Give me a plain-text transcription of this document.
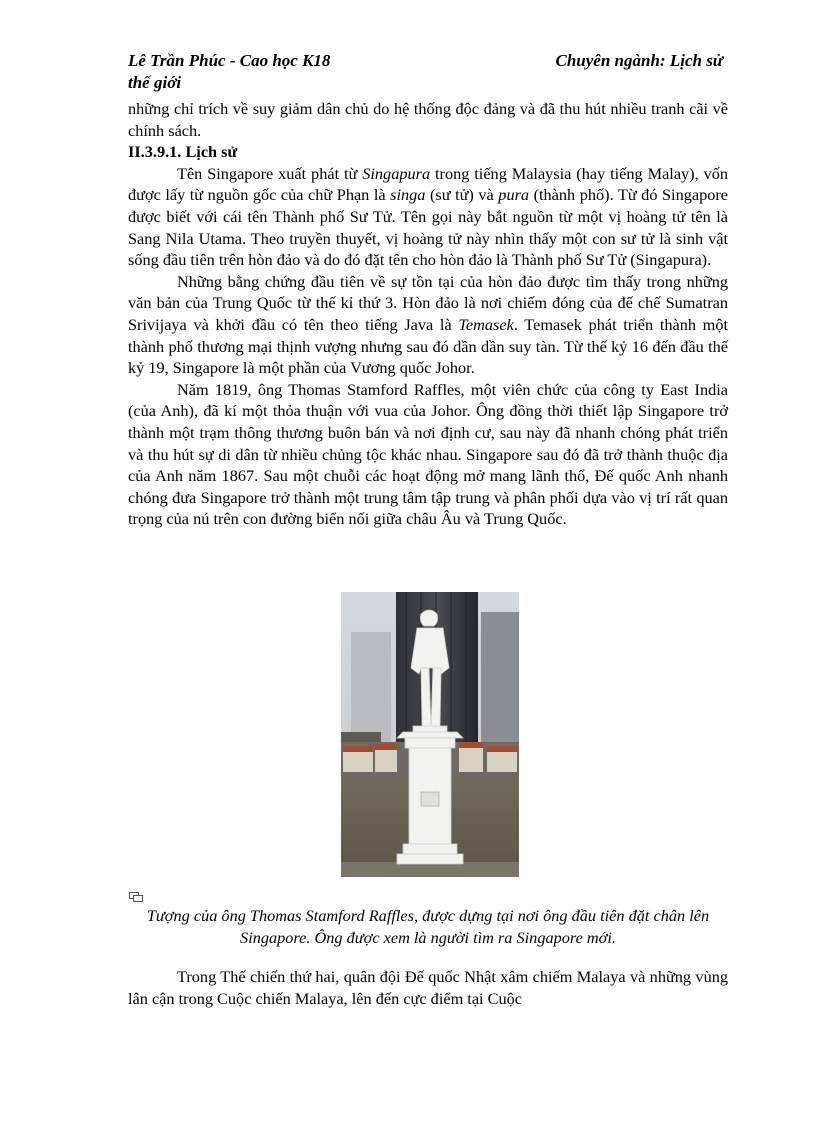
Lê Trần Phúc - Cao học K18	Chuyên ngành: Lịch sử
thế giới

những chỉ trích về suy giảm dân chủ do hệ thống độc đảng và đã thu hút nhiều tranh cãi về chính sách.

II.3.9.1. Lịch sử

Tên Singapore xuất phát từ Singapura trong tiếng Malaysia (hay tiếng Malay), vốn được lấy từ nguồn gốc của chữ Phạn là singa (sư tử) và pura (thành phố). Từ đó Singapore được biết với cái tên Thành phố Sư Tử. Tên gọi này bắt nguồn từ một vị hoàng tử tên là Sang Nila Utama. Theo truyền thuyết, vị hoàng tử này nhìn thấy một con sư tử là sinh vật sống đầu tiên trên hòn đảo và do đó đặt tên cho hòn đảo là Thành phố Sư Tử (Singapura).

Những bằng chứng đầu tiên về sự tồn tại của hòn đảo được tìm thấy trong những văn bản của Trung Quốc từ thế kỉ thứ 3. Hòn đảo là nơi chiếm đóng của đế chế Sumatran Srivijaya và khởi đầu có tên theo tiếng Java là Temasek. Temasek phát triển thành một thành phố thương mại thịnh vượng nhưng sau đó dần dần suy tàn. Từ thế kỷ 16 đến đầu thế kỷ 19, Singapore là một phần của Vương quốc Johor.

Năm 1819, ông Thomas Stamford Raffles, một viên chức của công ty East India (của Anh), đã kí một thỏa thuận với vua của Johor. Ông đồng thời thiết lập Singapore trở thành một trạm thông thương buôn bán và nơi định cư, sau này đã nhanh chóng phát triển và thu hút sự di dân từ nhiều chủng tộc khác nhau. Singapore sau đó đã trở thành thuộc địa của Anh năm 1867. Sau một chuỗi các hoạt động mở mang lãnh thổ, Đế quốc Anh nhanh chóng đưa Singapore trở thành một trung tâm tập trung và phân phối dựa vào vị trí rất quan trọng của nú trên con đường biển nối giữa châu Âu và Trung Quốc.

Tượng của ông Thomas Stamford Raffles, được dựng tại nơi ông đầu tiên đặt chân lên Singapore. Ông được xem là người tìm ra Singapore mới.

Trong Thế chiến thứ hai, quân đội Đế quốc Nhật xâm chiếm Malaya và những vùng lân cận trong Cuộc chiến Malaya, lên đến cực điểm tại Cuộc
